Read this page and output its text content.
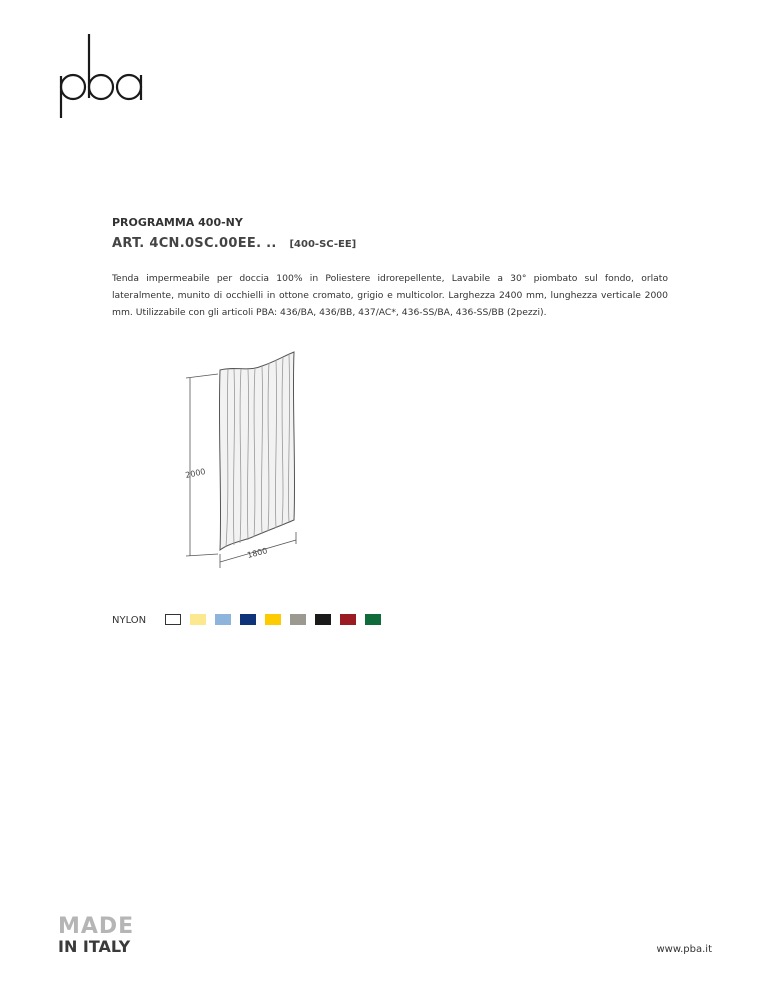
PROGRAMMA 400-NY
ART. 4CN.0SC.00EE. .. [400-SC-EE]
Tenda impermeabile per doccia 100% in Poliestere idrorepellente, Lavabile a 30° piombato sul fondo, orlato lateralmente, munito di occhielli in ottone cromato, grigio e multicolor. Larghezza 2400 mm, lunghezza verticale 2000 mm. Utilizzabile con gli articoli PBA: 436/BA, 436/BB, 437/AC*, 436-SS/BA, 436-SS/BB (2pezzi).
2000
1800
NYLON
MADE
IN ITALY	www.pba.it
